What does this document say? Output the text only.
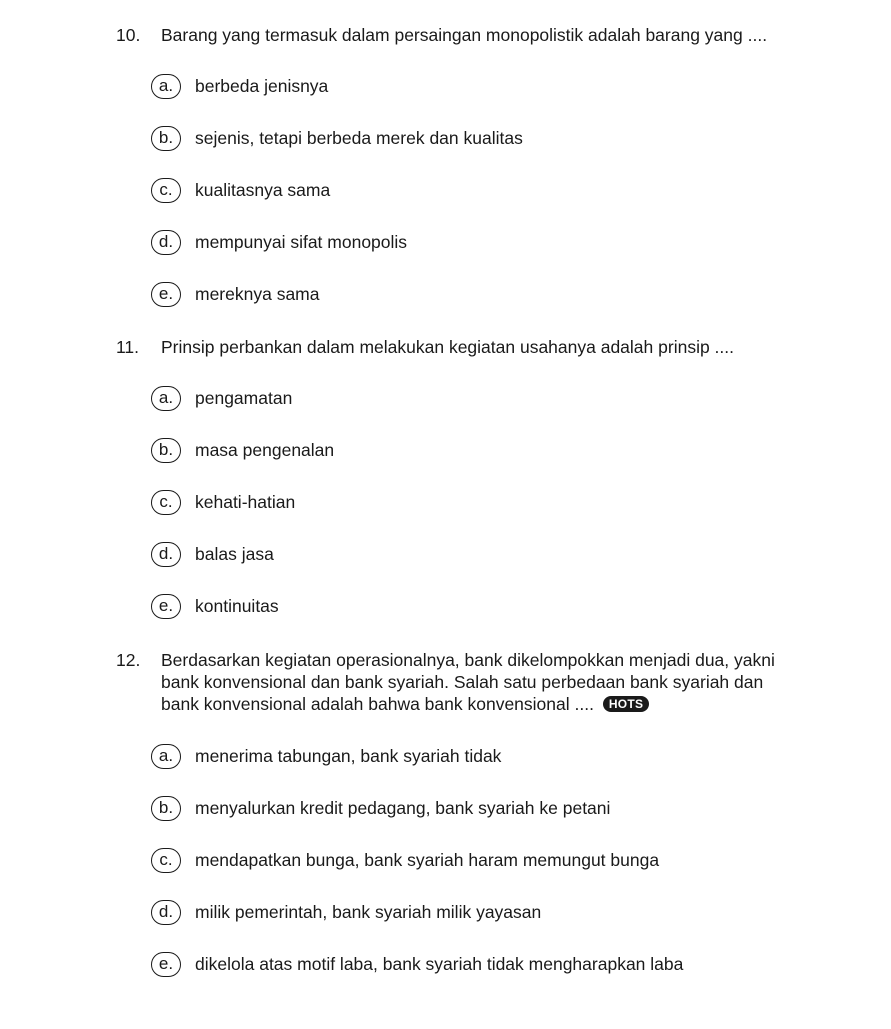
10. Barang yang termasuk dalam persaingan monopolistik adalah barang yang ....
a.	berbeda jenisnya
b.	sejenis, tetapi berbeda merek dan kualitas
c.	kualitasnya sama
d.	mempunyai sifat monopolis
e.	mereknya sama
11. Prinsip perbankan dalam melakukan kegiatan usahanya adalah prinsip ....
a.	pengamatan
b.	masa pengenalan
c.	kehati-hatian
d.	balas jasa
e.	kontinuitas
12. Berdasarkan kegiatan operasionalnya, bank dikelompokkan menjadi dua, yakni
bank konvensional dan bank syariah. Salah satu perbedaan bank syariah dan
bank konvensional adalah bahwa bank konvensional .... HOTS
a.	menerima tabungan, bank syariah tidak
b.	menyalurkan kredit pedagang, bank syariah ke petani
c.	mendapatkan bunga, bank syariah haram memungut bunga
d.	milik pemerintah, bank syariah milik yayasan
e.	dikelola atas motif laba, bank syariah tidak mengharapkan laba
